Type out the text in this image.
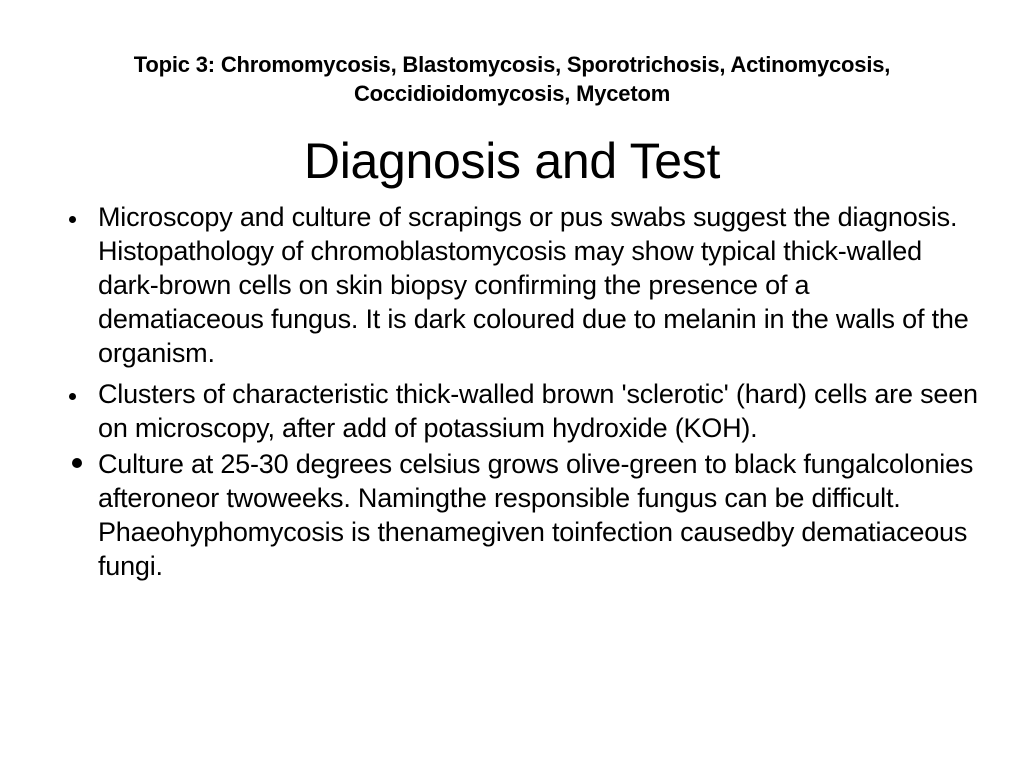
Topic 3: Chromomycosis, Blastomycosis, Sporotrichosis, Actinomycosis,
Coccidioidomycosis, Mycetom
Diagnosis and Test
Microscopy and culture of scrapings or pus swabs suggest the diagnosis. Histopathology of chromoblastomycosis may show typical thick-walled dark-brown cells on skin biopsy confirming the presence of a dematiaceous fungus. It is dark coloured due to melanin in the walls of the organism.
Clusters of characteristic thick-walled brown 'sclerotic' (hard) cells are seen on microscopy, after add of potassium hydroxide (KOH).
Culture at 25-30 degrees celsius grows olive-green to black fungalcolonies afteroneor twoweeks. Namingthe responsible fungus can be difficult. Phaeohyphomycosis is thenamegiven toinfection causedby dematiaceous fungi.
